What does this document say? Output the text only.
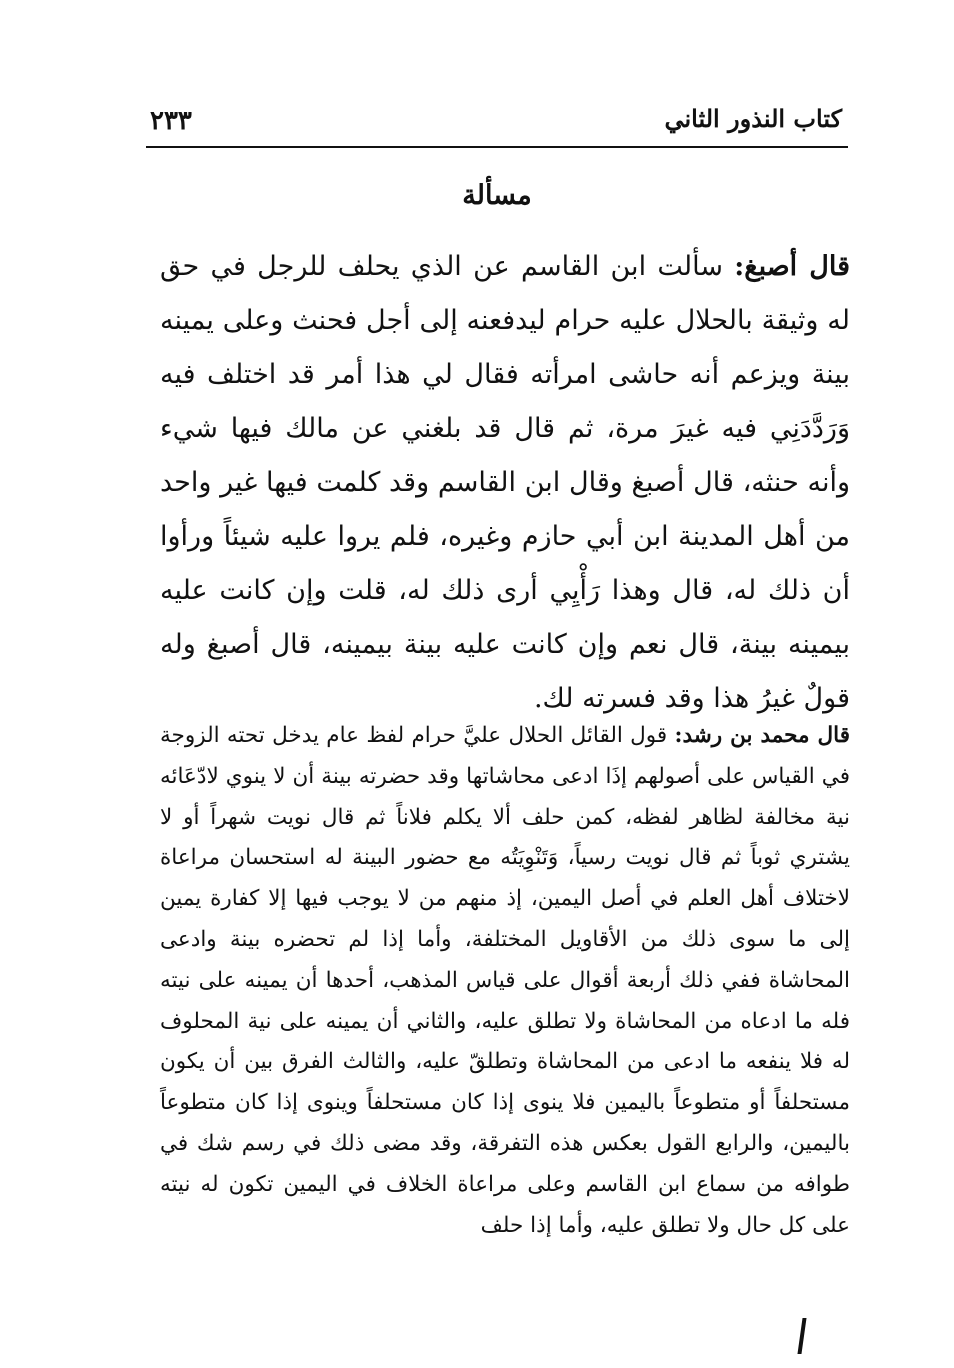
كتاب النذور الثاني
٢٣٣
مسألة

قال أصبغ: سألت ابن القاسم عن الذي يحلف للرجل في حق له وثيقة بالحلال عليه حرام ليدفعنه إلى أجل فحنث وعلى يمينه بينة ويزعم أنه حاشى امرأته فقال لي هذا أمر قد اختلف فيه وَرَدَّدَنِي فيه غيرَ مرة، ثم قال قد بلغني عن مالك فيها شيء وأنه حنثه، قال أصبغ وقال ابن القاسم وقد كلمت فيها غير واحد من أهل المدينة ابن أبي حازم وغيره، فلم يروا عليه شيئاً ورأوا أن ذلك له، قال وهذا رَأْيِي أرى ذلك له، قلت وإن كانت عليه بيمينه بينة، قال نعم وإن كانت عليه بينة بيمينه، قال أصبغ وله قولٌ غيرُ هذا وقد فسرته لك.

قال محمد بن رشد: قول القائل الحلال عليَّ حرام لفظ عام يدخل تحته الزوجة في القياس على أصولهم إذَا ادعى محاشاتها وقد حضرته بينة أن لا ينوي لادّعَائه نية مخالفة لظاهر لفظه، كمن حلف ألا يكلم فلاناً ثم قال نويت شهراً أو لا يشتري ثوباً ثم قال نويت رسياً، وَتَنْوِيَتُه مع حضور البينة له استحسان مراعاة لاختلاف أهل العلم في أصل اليمين، إذ منهم من لا يوجب فيها إلا كفارة يمين إلى ما سوى ذلك من الأقاويل المختلفة، وأما إذا لم تحضره بينة وادعى المحاشاة ففي ذلك أربعة أقوال على قياس المذهب، أحدها أن يمينه على نيته فله ما ادعاه من المحاشاة ولا تطلق عليه، والثاني أن يمينه على نية المحلوف له فلا ينفعه ما ادعى من المحاشاة وتطلقّ عليه، والثالث الفرق بين أن يكون مستحلفاً أو متطوعاً باليمين فلا ينوى إذا كان مستحلفاً وينوى إذا كان متطوعاً باليمين، والرابع القول بعكس هذه التفرقة، وقد مضى ذلك في رسم شك في طوافه من سماع ابن القاسم وعلى مراعاة الخلاف في اليمين تكون له نيته على كل حال ولا تطلق عليه، وأما إذا حلف
